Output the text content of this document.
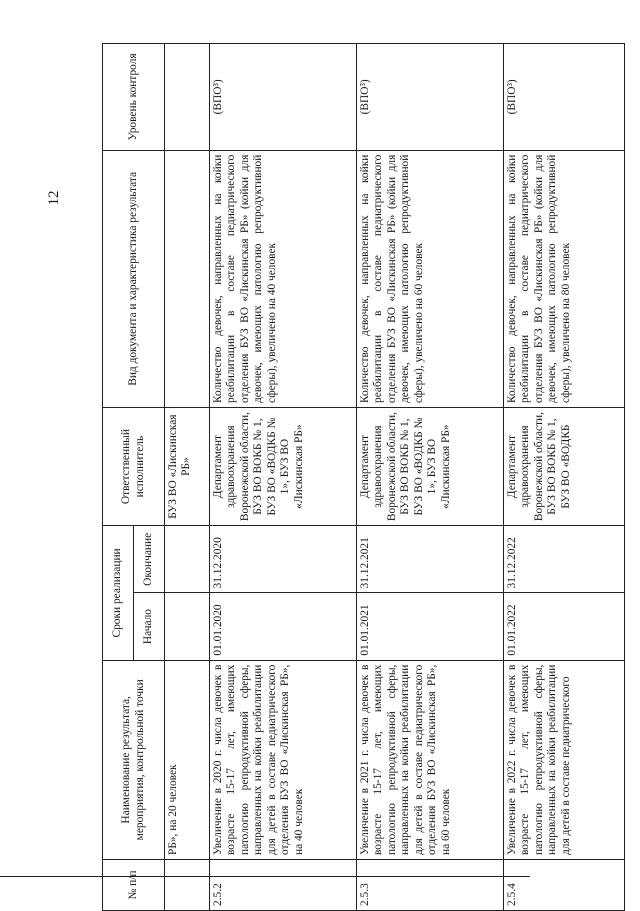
12
№ п/п	Наименование результата, мероприятия, контрольной точки	Сроки реализации		Ответственный исполнитель	Вид документа и характеристика результата	Уровень контроля
		Начало	Окончание			
	РБ», на 20 человек			БУЗ ВО «Лискинская РБ»		
2.5.2	Увеличение в 2020 г. числа девочек в возрасте 15-17 лет, имеющих патологию репродуктивной сферы, направленных на койки реабилитации для детей в составе педиатрического отделения БУЗ ВО «Лискинская РБ», на 40 человек	01.01.2020	31.12.2020	Департамент здравоохранения Воронежской области, БУЗ ВО ВОКБ № 1, БУЗ ВО «ВОДКБ № 1», БУЗ ВО «Лискинская РБ»	Количество девочек, направленных на койки реабилитации в составе педиатрического отделения БУЗ ВО «Лискинская РБ» (койки для девочек, имеющих патологию репродуктивной сферы), увеличено на 40 человек	(ВПО³)
2.5.3	Увеличение в 2021 г. числа девочек в возрасте 15-17 лет, имеющих патологию репродуктивной сферы, направленных на койки реабилитации для детей в составе педиатрического отделения БУЗ ВО «Лискинская РБ», на 60 человек	01.01.2021	31.12.2021	Департамент здравоохранения Воронежской области, БУЗ ВО ВОКБ № 1, БУЗ ВО «ВОДКБ № 1», БУЗ ВО «Лискинская РБ»	Количество девочек, направленных на койки реабилитации в составе педиатрического отделения БУЗ ВО «Лискинская РБ» (койки для девочек, имеющих патологию репродуктивной сферы), увеличено на 60 человек	(ВПО³)
2.5.4	Увеличение в 2022 г. числа девочек в возрасте 15-17 лет, имеющих патологию репродуктивной сферы, направленных на койки реабилитации для детей в составе педиатрического	01.01.2022	31.12.2022	Департамент здравоохранения Воронежской области, БУЗ ВО ВОКБ № 1, БУЗ ВО «ВОДКБ	Количество девочек, направленных на койки реабилитации в составе педиатрического отделения БУЗ ВО «Лискинская РБ» (койки для девочек, имеющих патологию репродуктивной сферы), увеличено на 80 человек	(ВПО³)
